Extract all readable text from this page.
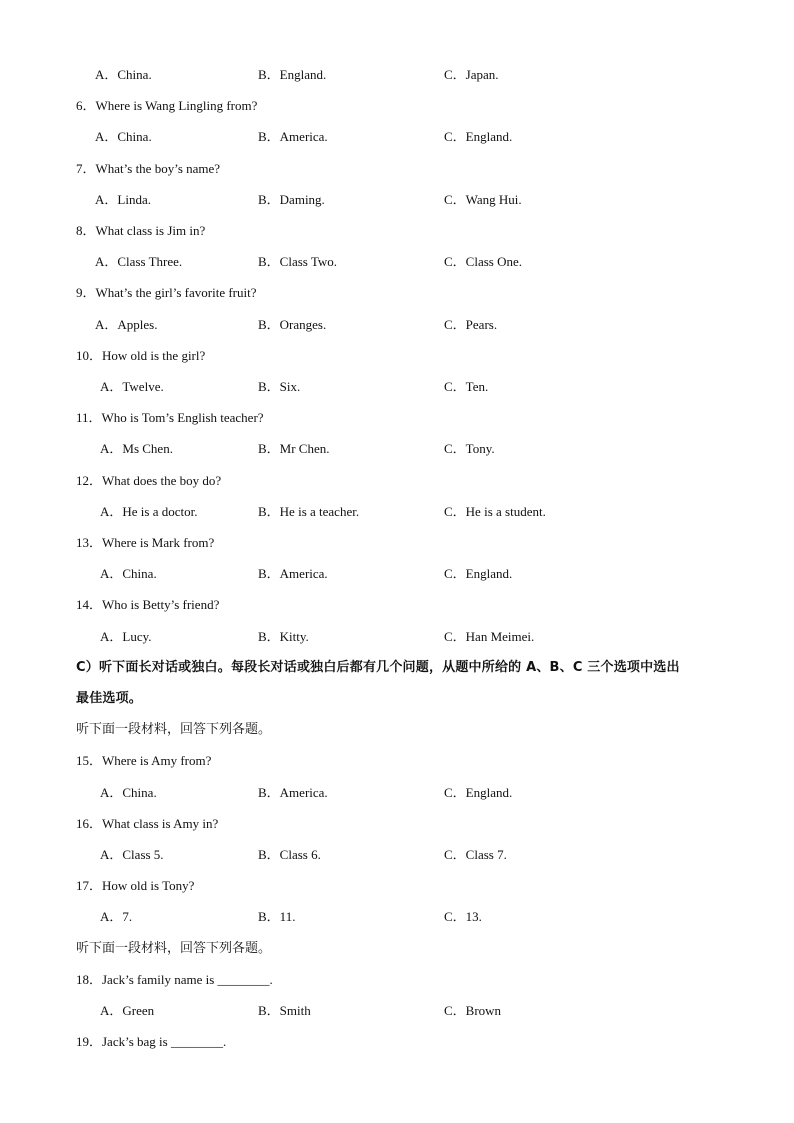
A．China.	B．England.	C．Japan.
6．Where is Wang Lingling from?
A．China.	B．America.	C．England.
7．What’s the boy’s name?
A．Linda.	B．Daming.	C．Wang Hui.
8．What class is Jim in?
A．Class Three.	B．Class Two.	C．Class One.
9．What’s the girl’s favorite fruit?
A．Apples.	B．Oranges.	C．Pears.
10．How old is the girl?
A．Twelve.	B．Six.	C．Ten.
11．Who is Tom’s English teacher?
A．Ms Chen.	B．Mr Chen.	C．Tony.
12．What does the boy do?
A．He is a doctor.	B．He is a teacher.	C．He is a student.
13．Where is Mark from?
A．China.	B．America.	C．England.
14．Who is Betty’s friend?
A．Lucy.	B．Kitty.	C．Han Meimei.
C）听下面长对话或独白。每段长对话或独白后都有几个问题，从题中所给的 A、B、C 三个选项中选出
最佳选项。
听下面一段材料，回答下列各题。
15．Where is Amy from?
A．China.	B．America.	C．England.
16．What class is Amy in?
A．Class 5.	B．Class 6.	C．Class 7.
17．How old is Tony?
A．7.	B．11.	C．13.
听下面一段材料，回答下列各题。
18．Jack’s family name is ________.
A．Green	B．Smith	C．Brown
19．Jack’s bag is ________.
